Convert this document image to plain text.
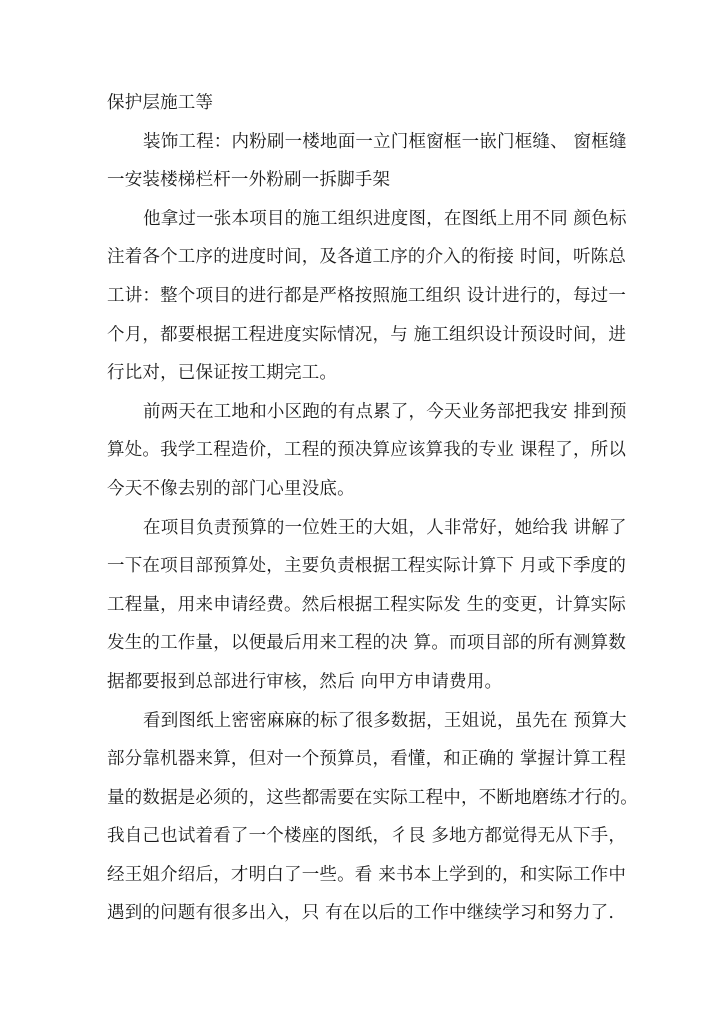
保护层施工等
装饰工程：内粉刷一楼地面一立门框窗框一嵌门框缝、 窗框缝
一安装楼梯栏杆一外粉刷一拆脚手架
他拿过一张本项目的施工组织进度图，在图纸上用不同 颜色标
注着各个工序的进度时间，及各道工序的介入的衔接 时间，听陈总
工讲：整个项目的进行都是严格按照施工组织 设计进行的，每过一
个月，都要根据工程进度实际情况，与 施工组织设计预设时间，进
行比对，已保证按工期完工。
前两天在工地和小区跑的有点累了，今天业务部把我安 排到预
算处。我学工程造价，工程的预决算应该算我的专业 课程了，所以
今天不像去别的部门心里没底。
在项目负责预算的一位姓王的大姐，人非常好，她给我 讲解了
一下在项目部预算处，主要负责根据工程实际计算下 月或下季度的
工程量，用来申请经费。然后根据工程实际发 生的变更，计算实际
发生的工作量，以便最后用来工程的决 算。而项目部的所有测算数
据都要报到总部进行审核，然后 向甲方申请费用。
看到图纸上密密麻麻的标了很多数据，王姐说，虽先在 预算大
部分靠机器来算，但对一个预算员，看懂，和正确的 掌握计算工程
量的数据是必须的，这些都需要在实际工程中，不断地磨练才行的。
我自己也试着看了一个楼座的图纸，彳艮 多地方都觉得无从下手，
经王姐介绍后，才明白了一些。看 来书本上学到的，和实际工作中
遇到的问题有很多出入，只 有在以后的工作中继续学习和努力了.
